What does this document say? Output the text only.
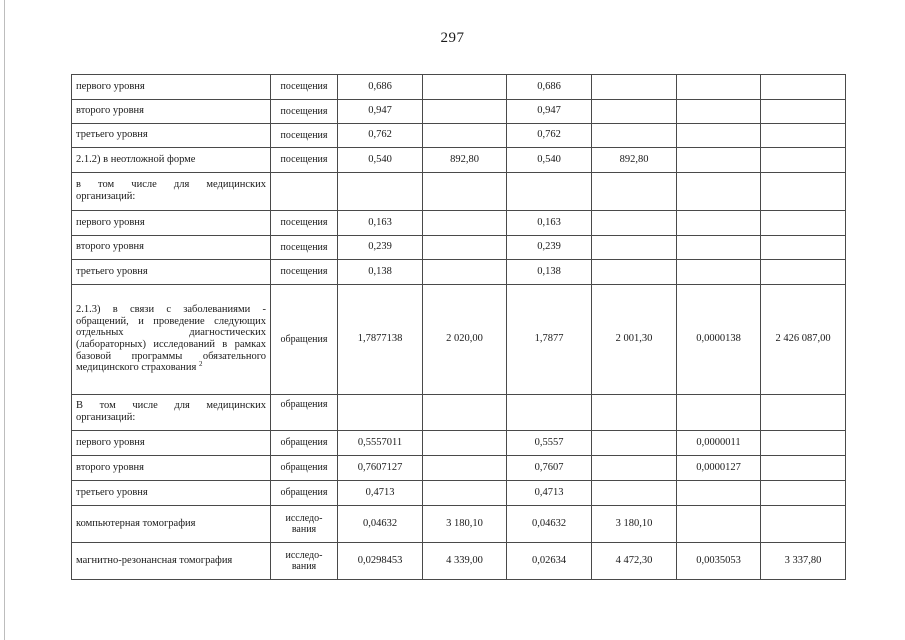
297
первого уровня	посещения	0,686		0,686			
второго уровня	посещения	0,947		0,947			
третьего уровня	посещения	0,762		0,762			
2.1.2) в неотложной форме	посещения	0,540	892,80	0,540	892,80		
в том числе для медицинских организаций:							
первого уровня	посещения	0,163		0,163			
второго уровня	посещения	0,239		0,239			
третьего уровня	посещения	0,138		0,138			
2.1.3) в связи с заболеваниями - обращений, и проведение следующих отдельных диагностических (лабораторных) исследований в рамках базовой программы обязательного медицинского страхования $^2$	обращения	1,7877138	2 020,00	1,7877	2 001,30	0,0000138	2 426 087,00
В том числе для медицинских организаций:	обращения						
первого уровня	обращения	0,5557011		0,5557		0,0000011	
второго уровня	обращения	0,7607127		0,7607		0,0000127	
третьего уровня	обращения	0,4713		0,4713			
компьютерная томография	исследо-вания	0,04632	3 180,10	0,04632	3 180,10		
магнитно-резонансная томография	исследо-вания	0,0298453	4 339,00	0,02634	4 472,30	0,0035053	3 337,80
